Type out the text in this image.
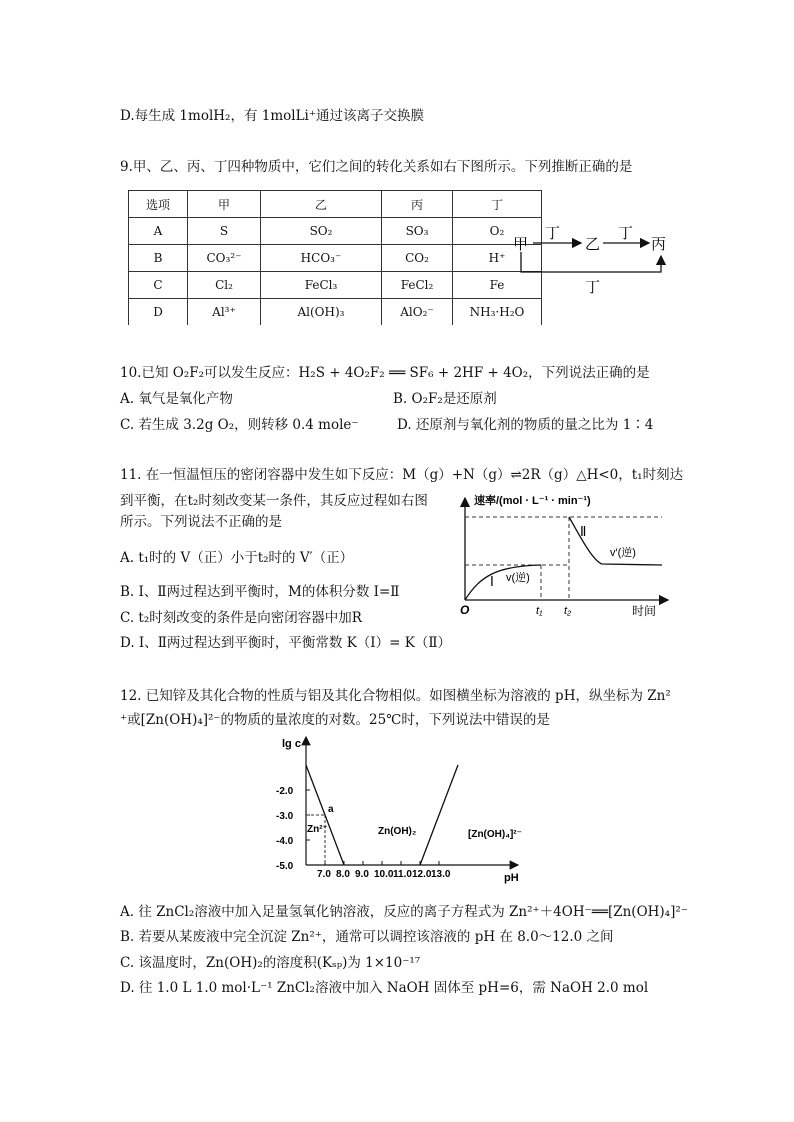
D.每生成 1molH₂，有 1molLi⁺通过该离子交换膜
9.甲、乙、丙、丁四种物质中，它们之间的转化关系如右下图所示。下列推断正确的是
选项	甲	乙	丙	丁
A	S	SO₂	SO₃	O₂
B	CO₃²⁻	HCO₃⁻	CO₂	H⁺
C	Cl₂	FeCl₃	FeCl₂	Fe
D	Al³⁺	Al(OH)₃	AlO₂⁻	NH₃·H₂O
甲
丁
乙
丁
丙
丁
10.已知 O₂F₂可以发生反应：H₂S + 4O₂F₂ ══ SF₆ + 2HF + 4O₂，下列说法正确的是
A. 氧气是氧化产物	B. O₂F₂是还原剂
C. 若生成 3.2g O₂，则转移 0.4 mole⁻	D. 还原剂与氧化剂的物质的量之比为 1∶4
11. 在一恒温恒压的密闭容器中发生如下反应：M（g）+N（g）⇌2R（g）△H<0，t₁时刻达
到平衡，在t₂时刻改变某一条件，其反应过程如右图
所示。下列说法不正确的是
A. t₁时的 V（正）小于t₂时的 V′（正）
B. Ⅰ、Ⅱ两过程达到平衡时，M的体积分数 Ⅰ=Ⅱ
C. t₂时刻改变的条件是向密闭容器中加R
D. Ⅰ、Ⅱ两过程达到平衡时，平衡常数 K（Ⅰ）= K（Ⅱ）
速率/(mol · L⁻¹ · min⁻¹)
时间
O	t₁ t₂
Ⅰ v(逆)
Ⅱ
v′(逆)
12. 已知锌及其化合物的性质与铝及其化合物相似。如图横坐标为溶液的 pH，纵坐标为 Zn²
⁺或[Zn(OH)₄]²⁻的物质的量浓度的对数。25℃时，下列说法中错误的是
lg c
pH
7.0 8.0 9.0 10.0 11.0 12.0 13.0
-2.0
-3.0
-4.0
-5.0
a
Zn²⁺	Zn(OH)₂	[Zn(OH)₄]²⁻
A. 往 ZnCl₂溶液中加入足量氢氧化钠溶液，反应的离子方程式为 Zn²⁺＋4OH⁻══[Zn(OH)₄]²⁻
B. 若要从某废液中完全沉淀 Zn²⁺，通常可以调控该溶液的 pH 在 8.0～12.0 之间
C. 该温度时，Zn(OH)₂的溶度积(Kₛₚ)为 1×10⁻¹⁷
D. 往 1.0 L 1.0 mol·L⁻¹ ZnCl₂溶液中加入 NaOH 固体至 pH=6，需 NaOH 2.0 mol
